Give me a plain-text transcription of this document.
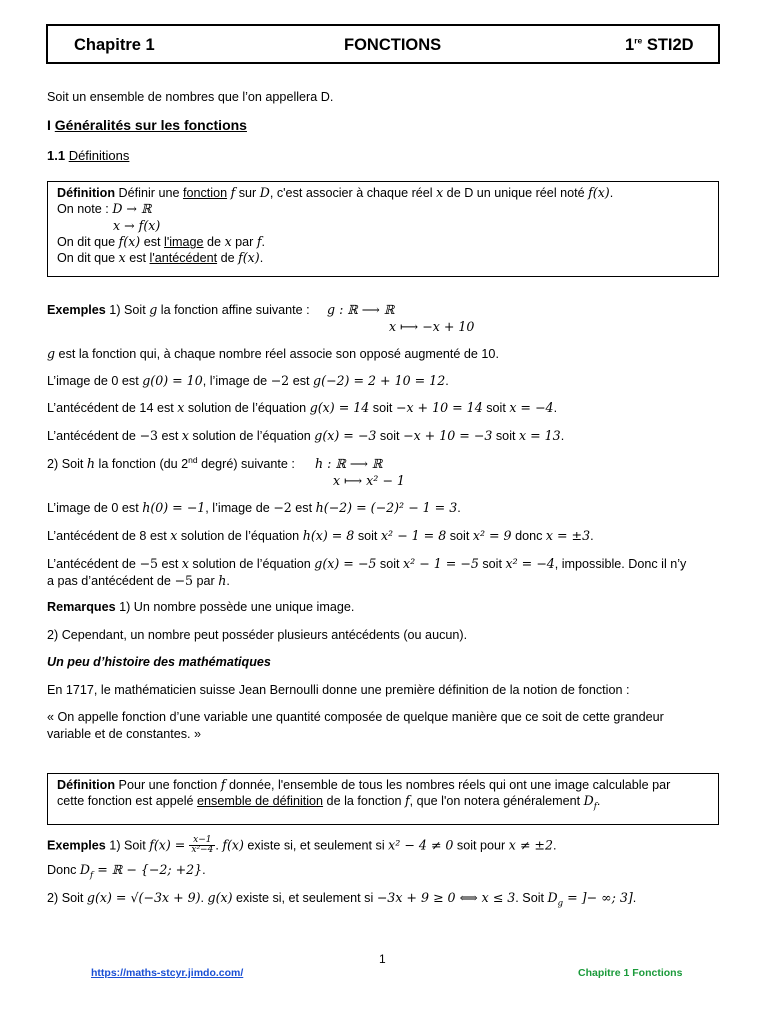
Chapitre 1	FONCTIONS	1re STI2D
Soit un ensemble de nombres que l’on appellera D.
I Généralités sur les fonctions
1.1 Définitions
Définition Définir une fonction f sur D, c'est associer à chaque réel x de D un unique réel noté f(x).
On note : D → ℝ
x → f(x)
On dit que f(x) est l'image de x par f.
On dit que x est l'antécédent de f(x).
Exemples 1) Soit g la fonction affine suivante : g : ℝ ⟶ ℝ
x ⟼ −x + 10
g est la fonction qui, à chaque nombre réel associe son opposé augmenté de 10.
L’image de 0 est g(0) = 10, l’image de −2 est g(−2) = 2 + 10 = 12.
L’antécédent de 14 est x solution de l’équation g(x) = 14 soit −x + 10 = 14 soit x = −4.
L’antécédent de −3 est x solution de l’équation g(x) = −3 soit −x + 10 = −3 soit x = 13.
2) Soit h la fonction (du 2nd degré) suivante : h : ℝ ⟶ ℝ
x ⟼ x² − 1
L’image de 0 est h(0) = −1, l’image de −2 est h(−2) = (−2)² − 1 = 3.
L’antécédent de 8 est x solution de l’équation h(x) = 8 soit x² − 1 = 8 soit x² = 9 donc x = ±3.
L’antécédent de −5 est x solution de l’équation g(x) = −5 soit x² − 1 = −5 soit x² = −4, impossible. Donc il n’y
a pas d’antécédent de −5 par h.
Remarques 1) Un nombre possède une unique image.
2) Cependant, un nombre peut posséder plusieurs antécédents (ou aucun).
Un peu d’histoire des mathématiques
En 1717, le mathématicien suisse Jean Bernoulli donne une première définition de la notion de fonction :
« On appelle fonction d’une variable une quantité composée de quelque manière que ce soit de cette grandeur
variable et de constantes. »
Définition Pour une fonction f donnée, l'ensemble de tous les nombres réels qui ont une image calculable par
cette fonction est appelé ensemble de définition de la fonction f, que l'on notera généralement $D_f$.
Exemples 1) Soit $f(x) = \frac{x-1}{\text{x²−4}}$ . f(x) existe si, et seulement si x² − 4 ≠ 0 soit pour x ≠ ±2.
Donc $D_f$ = ℝ − {−2; +2}.
2) Soit g(x) = √(−3x + 9). g(x) existe si, et seulement si −3x + 9 ≥ 0 ⟺ x ≤ 3. Soit $D_g$ = ]− ∞; 3].
1
https://maths-stcyr.jimdo.com/	Chapitre 1 Fonctions
